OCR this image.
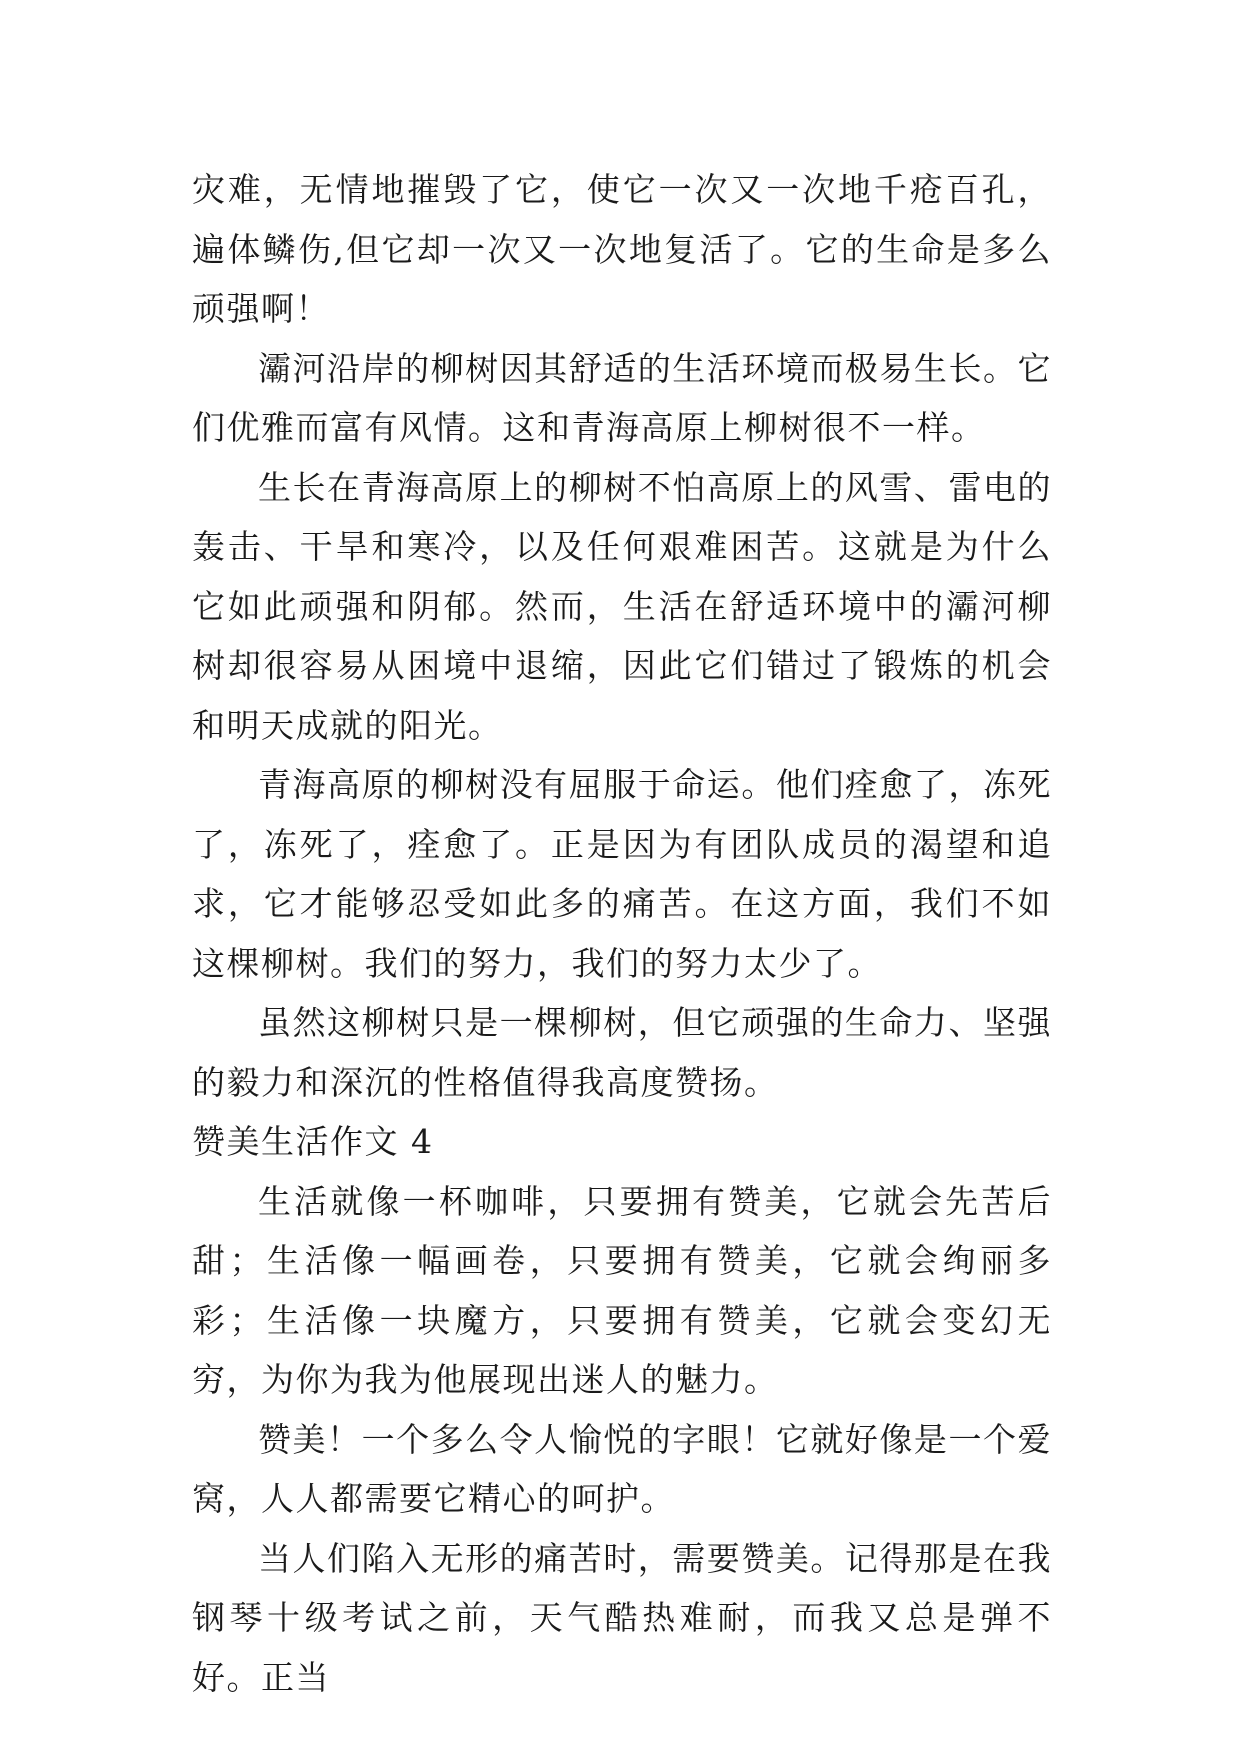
灾难，无情地摧毁了它，使它一次又一次地千疮百孔，遍体鳞伤,但它却一次又一次地复活了。它的生命是多么顽强啊！

灞河沿岸的柳树因其舒适的生活环境而极易生长。它们优雅而富有风情。这和青海高原上柳树很不一样。

生长在青海高原上的柳树不怕高原上的风雪、雷电的轰击、干旱和寒冷，以及任何艰难困苦。这就是为什么它如此顽强和阴郁。然而，生活在舒适环境中的灞河柳树却很容易从困境中退缩，因此它们错过了锻炼的机会和明天成就的阳光。

青海高原的柳树没有屈服于命运。他们痊愈了，冻死了，冻死了，痊愈了。正是因为有团队成员的渴望和追求，它才能够忍受如此多的痛苦。在这方面，我们不如这棵柳树。我们的努力，我们的努力太少了。

虽然这柳树只是一棵柳树，但它顽强的生命力、坚强的毅力和深沉的性格值得我高度赞扬。

赞美生活作文 4

生活就像一杯咖啡，只要拥有赞美，它就会先苦后甜；生活像一幅画卷，只要拥有赞美，它就会绚丽多彩；生活像一块魔方，只要拥有赞美，它就会变幻无穷，为你为我为他展现出迷人的魅力。

赞美！一个多么令人愉悦的字眼！它就好像是一个爱窝，人人都需要它精心的呵护。

当人们陷入无形的痛苦时，需要赞美。记得那是在我钢琴十级考试之前，天气酷热难耐，而我又总是弹不好。正当
